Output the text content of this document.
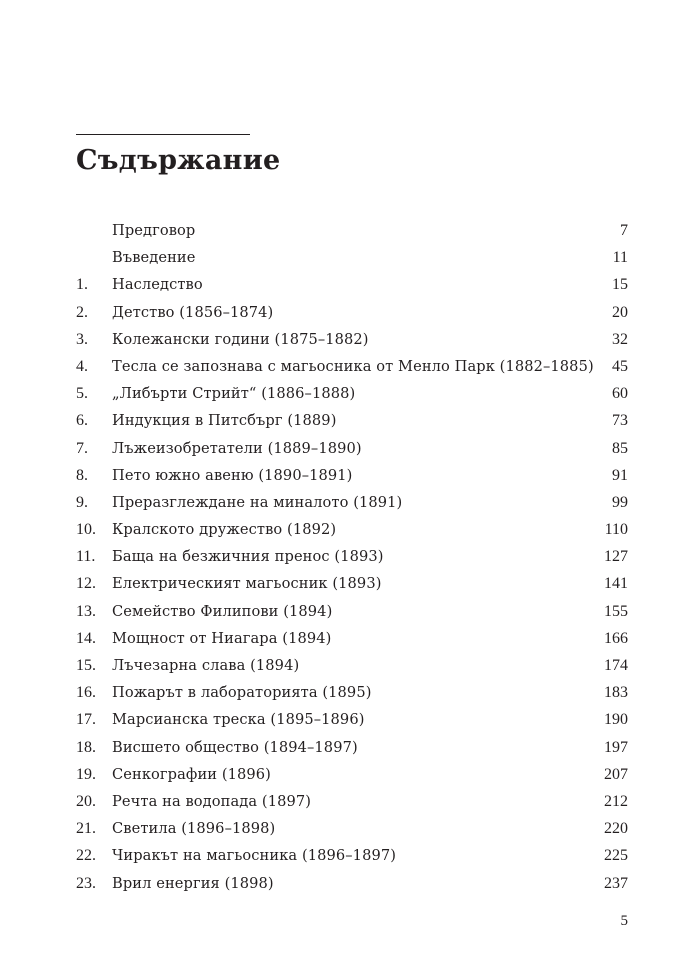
Съдържание
Предговор	7
Въведение	11
1. Наследство	15
2. Детство (1856–1874)	20
3. Колежански години (1875–1882)	32
4. Тесла се запознава с магьосника от Менло Парк (1882–1885) 45
5. „Либърти Стрийт“ (1886–1888)	60
6. Индукция в Питсбърг (1889)	73
7. Лъжеизобретатели (1889–1890)	85
8. Пето южно авеню (1890–1891)	91
9. Преразглеждане на миналото (1891)	99
10. Кралското дружество (1892)	110
11. Баща на безжичния пренос (1893)	127
12. Електрическият магьосник (1893)	141
13. Семейство Филипови (1894)	155
14. Мощност от Ниагара (1894)	166
15. Лъчезарна слава (1894)	174
16. Пожарът в лабораторията (1895)	183
17. Марсианска треска (1895–1896)	190
18. Висшето общество (1894–1897)	197
19. Сенкографии (1896)	207
20. Речта на водопада (1897)	212
21. Светила (1896–1898)	220
22. Чиракът на магьосника (1896–1897)	225
23. Врил енергия (1898)	237
5
